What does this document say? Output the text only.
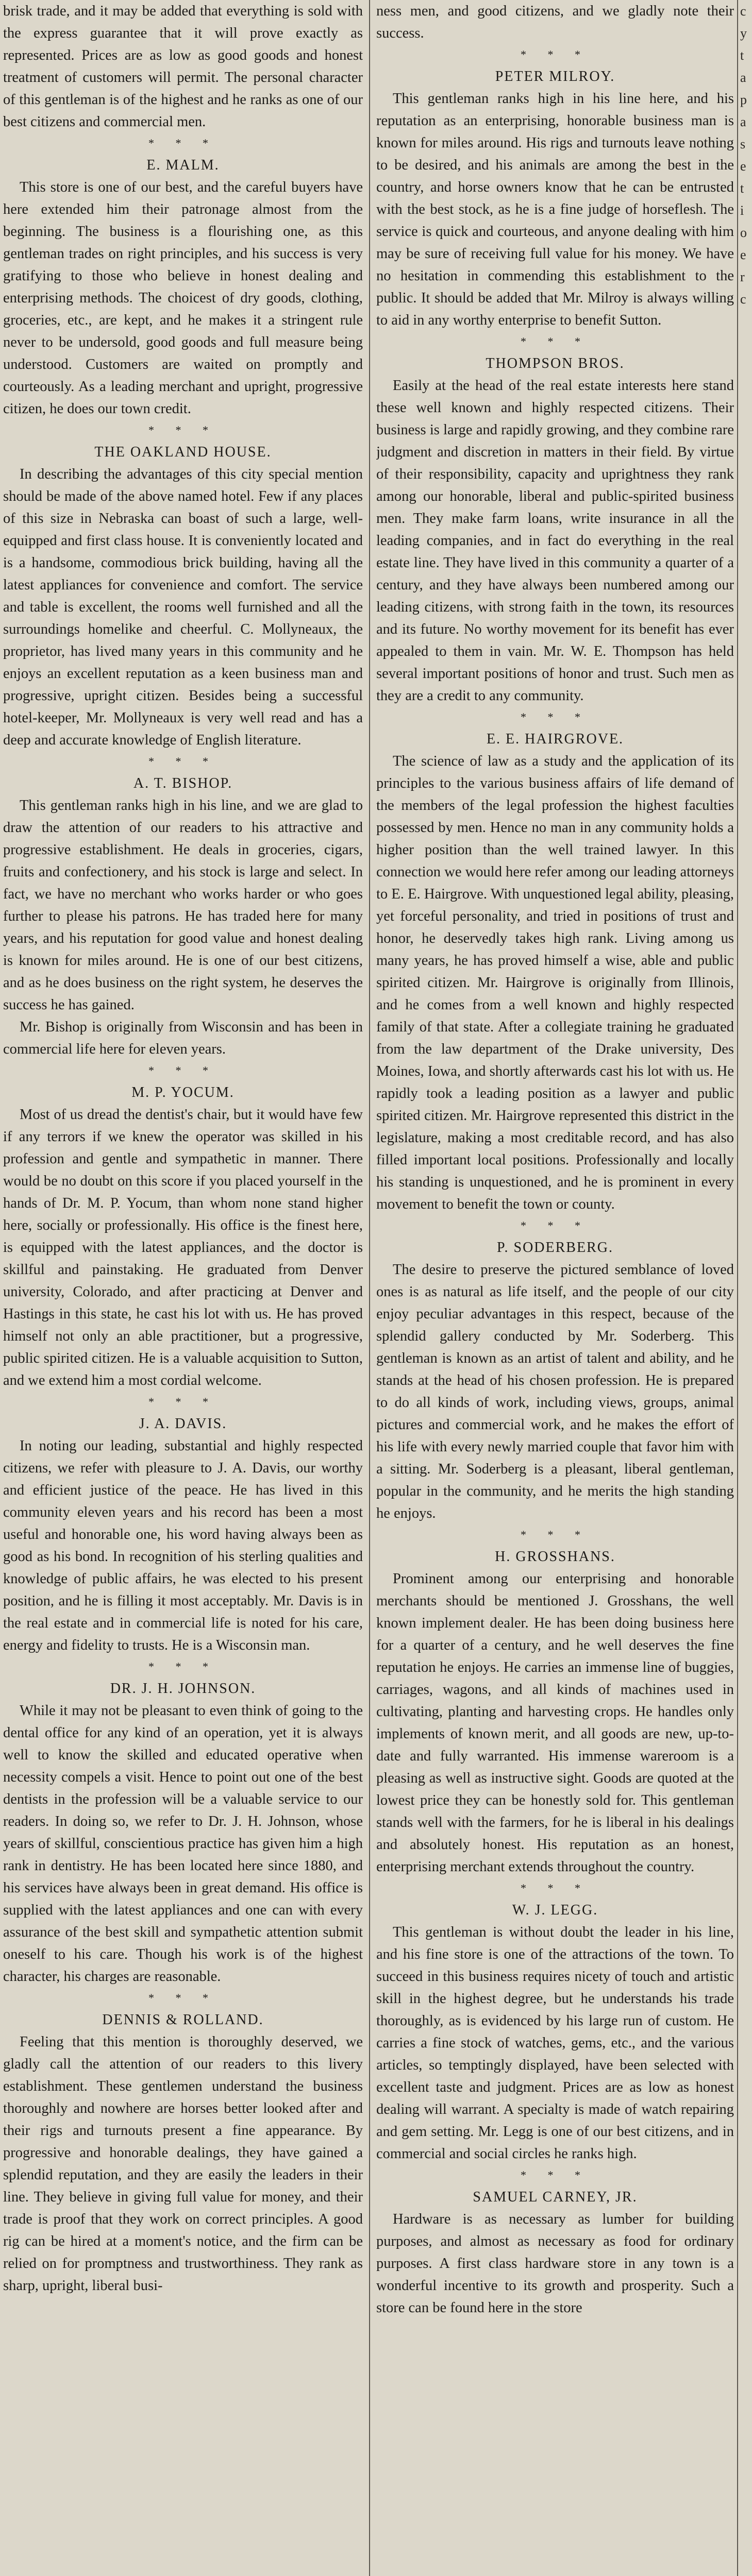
brisk trade, and it may be added that everything is sold with the express guarantee that it will prove exactly as represented. Prices are as low as good goods and honest treatment of customers will permit. The personal character of this gentleman is of the highest and he ranks as one of our best citizens and commercial men.

* * *
E. MALM.

This store is one of our best, and the careful buyers have here extended him their patronage almost from the beginning. The business is a flourishing one, as this gentleman trades on right principles, and his success is very gratifying to those who believe in honest dealing and enterprising methods. The choicest of dry goods, clothing, groceries, etc., are kept, and he makes it a stringent rule never to be undersold, good goods and full measure being understood. Customers are waited on promptly and courteously. As a leading merchant and upright, progressive citizen, he does our town credit.

* * *
THE OAKLAND HOUSE.

In describing the advantages of this city special mention should be made of the above named hotel. Few if any places of this size in Nebraska can boast of such a large, well-equipped and first class house. It is conveniently located and is a handsome, commodious brick building, having all the latest appliances for convenience and comfort. The service and table is excellent, the rooms well furnished and all the surroundings homelike and cheerful. C. Mollyneaux, the proprietor, has lived many years in this community and he enjoys an excellent reputation as a keen business man and progressive, upright citizen. Besides being a successful hotel-keeper, Mr. Mollyneaux is very well read and has a deep and accurate knowledge of English literature.

* * *
A. T. BISHOP.

This gentleman ranks high in his line, and we are glad to draw the attention of our readers to his attractive and progressive establishment. He deals in groceries, cigars, fruits and confectionery, and his stock is large and select. In fact, we have no merchant who works harder or who goes further to please his patrons. He has traded here for many years, and his reputation for good value and honest dealing is known for miles around. He is one of our best citizens, and as he does business on the right system, he deserves the success he has gained.

Mr. Bishop is originally from Wisconsin and has been in commercial life here for eleven years.

* * *
M. P. YOCUM.

Most of us dread the dentist's chair, but it would have few if any terrors if we knew the operator was skilled in his profession and gentle and sympathetic in manner. There would be no doubt on this score if you placed yourself in the hands of Dr. M. P. Yocum, than whom none stand higher here, socially or professionally. His office is the finest here, is equipped with the latest appliances, and the doctor is skillful and painstaking. He graduated from Denver university, Colorado, and after practicing at Denver and Hastings in this state, he cast his lot with us. He has proved himself not only an able practitioner, but a progressive, public spirited citizen. He is a valuable acquisition to Sutton, and we extend him a most cordial welcome.

* * *
J. A. DAVIS.

In noting our leading, substantial and highly respected citizens, we refer with pleasure to J. A. Davis, our worthy and efficient justice of the peace. He has lived in this community eleven years and his record has been a most useful and honorable one, his word having always been as good as his bond. In recognition of his sterling qualities and knowledge of public affairs, he was elected to his present position, and he is filling it most acceptably. Mr. Davis is in the real estate and in commercial life is noted for his care, energy and fidelity to trusts. He is a Wisconsin man.

* * *
DR. J. H. JOHNSON.

While it may not be pleasant to even think of going to the dental office for any kind of an operation, yet it is always well to know the skilled and educated operative when necessity compels a visit. Hence to point out one of the best dentists in the profession will be a valuable service to our readers. In doing so, we refer to Dr. J. H. Johnson, whose years of skillful, conscientious practice has given him a high rank in dentistry. He has been located here since 1880, and his services have always been in great demand. His office is supplied with the latest appliances and one can with every assurance of the best skill and sympathetic attention submit oneself to his care. Though his work is of the highest character, his charges are reasonable.

* * *
DENNIS & ROLLAND.

Feeling that this mention is thoroughly deserved, we gladly call the attention of our readers to this livery establishment. These gentlemen understand the business thoroughly and nowhere are horses better looked after and their rigs and turnouts present a fine appearance. By progressive and honorable dealings, they have gained a splendid reputation, and they are easily the leaders in their line. They believe in giving full value for money, and their trade is proof that they work on correct principles. A good rig can be hired at a moment's notice, and the firm can be relied on for promptness and trustworthiness. They rank as sharp, upright, liberal busi-

ness men, and good citizens, and we gladly note their success.

* * *
PETER MILROY.

This gentleman ranks high in his line here, and his reputation as an enterprising, honorable business man is known for miles around. His rigs and turnouts leave nothing to be desired, and his animals are among the best in the country, and horse owners know that he can be entrusted with the best stock, as he is a fine judge of horseflesh. The service is quick and courteous, and anyone dealing with him may be sure of receiving full value for his money. We have no hesitation in commending this establishment to the public. It should be added that Mr. Milroy is always willing to aid in any worthy enterprise to benefit Sutton.

* * *
THOMPSON BROS.

Easily at the head of the real estate interests here stand these well known and highly respected citizens. Their business is large and rapidly growing, and they combine rare judgment and discretion in matters in their field. By virtue of their responsibility, capacity and uprightness they rank among our honorable, liberal and public-spirited business men. They make farm loans, write insurance in all the leading companies, and in fact do everything in the real estate line. They have lived in this community a quarter of a century, and they have always been numbered among our leading citizens, with strong faith in the town, its resources and its future. No worthy movement for its benefit has ever appealed to them in vain. Mr. W. E. Thompson has held several important positions of honor and trust. Such men as they are a credit to any community.

* * *
E. E. HAIRGROVE.

The science of law as a study and the application of its principles to the various business affairs of life demand of the members of the legal profession the highest faculties possessed by men. Hence no man in any community holds a higher position than the well trained lawyer. In this connection we would here refer among our leading attorneys to E. E. Hairgrove. With unquestioned legal ability, pleasing, yet forceful personality, and tried in positions of trust and honor, he deservedly takes high rank. Living among us many years, he has proved himself a wise, able and public spirited citizen. Mr. Hairgrove is originally from Illinois, and he comes from a well known and highly respected family of that state. After a collegiate training he graduated from the law department of the Drake university, Des Moines, Iowa, and shortly afterwards cast his lot with us. He rapidly took a leading position as a lawyer and public spirited citizen. Mr. Hairgrove represented this district in the legislature, making a most creditable record, and has also filled important local positions. Professionally and locally his standing is unquestioned, and he is prominent in every movement to benefit the town or county.

* * *
P. SODERBERG.

The desire to preserve the pictured semblance of loved ones is as natural as life itself, and the people of our city enjoy peculiar advantages in this respect, because of the splendid gallery conducted by Mr. Soderberg. This gentleman is known as an artist of talent and ability, and he stands at the head of his chosen profession. He is prepared to do all kinds of work, including views, groups, animal pictures and commercial work, and he makes the effort of his life with every newly married couple that favor him with a sitting. Mr. Soderberg is a pleasant, liberal gentleman, popular in the community, and he merits the high standing he enjoys.

* * *
H. GROSSHANS.

Prominent among our enterprising and honorable merchants should be mentioned J. Grosshans, the well known implement dealer. He has been doing business here for a quarter of a century, and he well deserves the fine reputation he enjoys. He carries an immense line of buggies, carriages, wagons, and all kinds of machines used in cultivating, planting and harvesting crops. He handles only implements of known merit, and all goods are new, up-to-date and fully warranted. His immense wareroom is a pleasing as well as instructive sight. Goods are quoted at the lowest price they can be honestly sold for. This gentleman stands well with the farmers, for he is liberal in his dealings and absolutely honest. His reputation as an honest, enterprising merchant extends throughout the country.

* * *
W. J. LEGG.

This gentleman is without doubt the leader in his line, and his fine store is one of the attractions of the town. To succeed in this business requires nicety of touch and artistic skill in the highest degree, but he understands his trade thoroughly, as is evidenced by his large run of custom. He carries a fine stock of watches, gems, etc., and the various articles, so temptingly displayed, have been selected with excellent taste and judgment. Prices are as low as honest dealing will warrant. A specialty is made of watch repairing and gem setting. Mr. Legg is one of our best citizens, and in commercial and social circles he ranks high.

* * *
SAMUEL CARNEY, JR.

Hardware is as necessary as lumber for building purposes, and almost as necessary as food for ordinary purposes. A first class hardware store in any town is a wonderful incentive to its growth and prosperity. Such a store can be found here in the store

c
y
t
a
p
a
s
e
t
i
o
e
r
c
